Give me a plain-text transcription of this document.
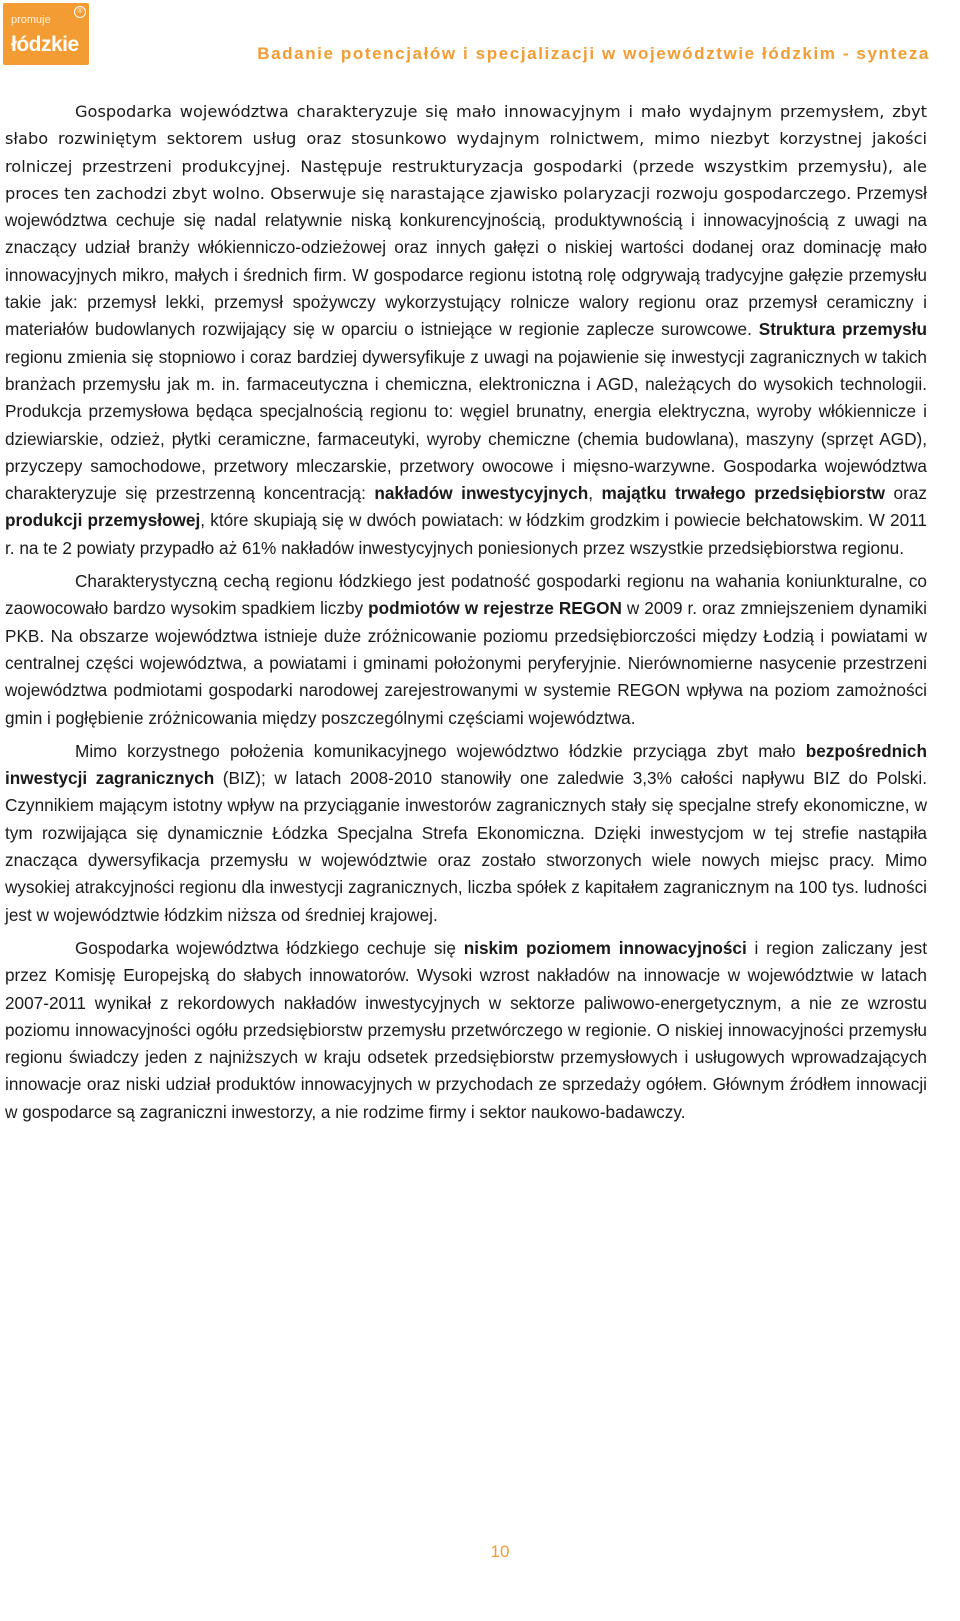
promuje
łódzkie
®
Badanie potencjałów i specjalizacji w województwie łódzkim - synteza

Gospodarka województwa charakteryzuje się mało innowacyjnym i mało wydajnym przemysłem, zbyt słabo rozwiniętym sektorem usług oraz stosunkowo wydajnym rolnictwem, mimo niezbyt korzystnej jakości rolniczej przestrzeni produkcyjnej. Następuje restrukturyzacja gospodarki (przede wszystkim przemysłu), ale proces ten zachodzi zbyt wolno. Obserwuje się narastające zjawisko polaryzacji rozwoju gospodarczego. Przemysł województwa cechuje się nadal relatywnie niską konkurencyjnością, produktywnością i innowacyjnością z uwagi na znaczący udział branży włókienniczo-odzieżowej oraz innych gałęzi o niskiej wartości dodanej oraz dominację mało innowacyjnych mikro, małych i średnich firm. W gospodarce regionu istotną rolę odgrywają tradycyjne gałęzie przemysłu takie jak: przemysł lekki, przemysł spożywczy wykorzystujący rolnicze walory regionu oraz przemysł ceramiczny i materiałów budowlanych rozwijający się w oparciu o istniejące w regionie zaplecze surowcowe. Struktura przemysłu regionu zmienia się stopniowo i coraz bardziej dywersyfikuje z uwagi na pojawienie się inwestycji zagranicznych w takich branżach przemysłu jak m. in. farmaceutyczna i chemiczna, elektroniczna i AGD, należących do wysokich technologii. Produkcja przemysłowa będąca specjalnością regionu to: węgiel brunatny, energia elektryczna, wyroby włókiennicze i dziewiarskie, odzież, płytki ceramiczne, farmaceutyki, wyroby chemiczne (chemia budowlana), maszyny (sprzęt AGD), przyczepy samochodowe, przetwory mleczarskie, przetwory owocowe i mięsno-warzywne. Gospodarka województwa charakteryzuje się przestrzenną koncentracją: nakładów inwestycyjnych, majątku trwałego przedsiębiorstw oraz produkcji przemysłowej, które skupiają się w dwóch powiatach: w łódzkim grodzkim i powiecie bełchatowskim. W 2011 r. na te 2 powiaty przypadło aż 61% nakładów inwestycyjnych poniesionych przez wszystkie przedsiębiorstwa regionu.

Charakterystyczną cechą regionu łódzkiego jest podatność gospodarki regionu na wahania koniunkturalne, co zaowocowało bardzo wysokim spadkiem liczby podmiotów w rejestrze REGON w 2009 r. oraz zmniejszeniem dynamiki PKB. Na obszarze województwa istnieje duże zróżnicowanie poziomu przedsiębiorczości między Łodzią i powiatami w centralnej części województwa, a powiatami i gminami położonymi peryferyjnie. Nierównomierne nasycenie przestrzeni województwa podmiotami gospodarki narodowej zarejestrowanymi w systemie REGON wpływa na poziom zamożności gmin i pogłębienie zróżnicowania między poszczególnymi częściami województwa.

Mimo korzystnego położenia komunikacyjnego województwo łódzkie przyciąga zbyt mało bezpośrednich inwestycji zagranicznych (BIZ); w latach 2008-2010 stanowiły one zaledwie 3,3% całości napływu BIZ do Polski. Czynnikiem mającym istotny wpływ na przyciąganie inwestorów zagranicznych stały się specjalne strefy ekonomiczne, w tym rozwijająca się dynamicznie Łódzka Specjalna Strefa Ekonomiczna. Dzięki inwestycjom w tej strefie nastąpiła znacząca dywersyfikacja przemysłu w województwie oraz zostało stworzonych wiele nowych miejsc pracy. Mimo wysokiej atrakcyjności regionu dla inwestycji zagranicznych, liczba spółek z kapitałem zagranicznym na 100 tys. ludności jest w województwie łódzkim niższa od średniej krajowej.

Gospodarka województwa łódzkiego cechuje się niskim poziomem innowacyjności i region zaliczany jest przez Komisję Europejską do słabych innowatorów. Wysoki wzrost nakładów na innowacje w województwie w latach 2007-2011 wynikał z rekordowych nakładów inwestycyjnych w sektorze paliwowo-energetycznym, a nie ze wzrostu poziomu innowacyjności ogółu przedsiębiorstw przemysłu przetwórczego w regionie. O niskiej innowacyjności przemysłu regionu świadczy jeden z najniższych w kraju odsetek przedsiębiorstw przemysłowych i usługowych wprowadzających innowacje oraz niski udział produktów innowacyjnych w przychodach ze sprzedaży ogółem. Głównym źródłem innowacji w gospodarce są zagraniczni inwestorzy, a nie rodzime firmy i sektor naukowo-badawczy.

10
